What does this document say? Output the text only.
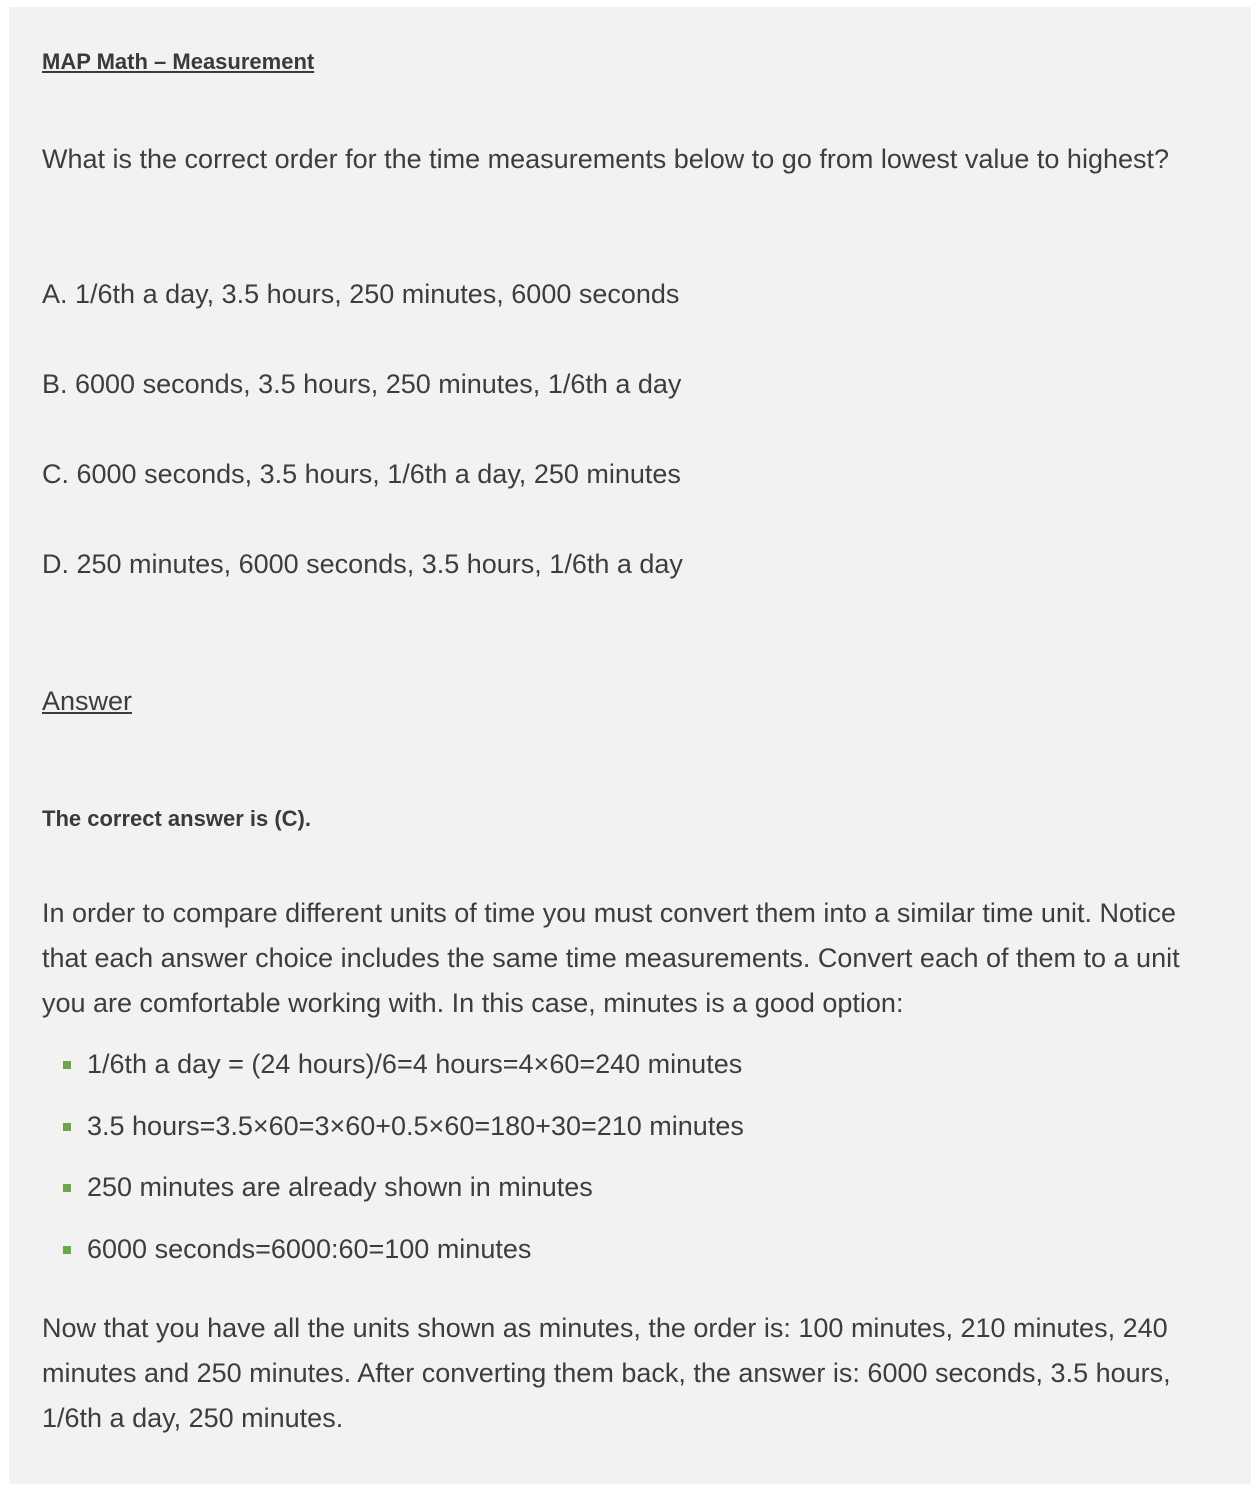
MAP Math – Measurement
What is the correct order for the time measurements below to go from lowest value to highest?
A. 1/6th a day, 3.5 hours, 250 minutes, 6000 seconds
B. 6000 seconds, 3.5 hours, 250 minutes, 1/6th a day
C. 6000 seconds, 3.5 hours, 1/6th a day, 250 minutes
D. 250 minutes, 6000 seconds, 3.5 hours, 1/6th a day
Answer
The correct answer is (C).
In order to compare different units of time you must convert them into a similar time unit. Notice that each answer choice includes the same time measurements. Convert each of them to a unit you are comfortable working with. In this case, minutes is a good option:
1/6th a day = (24 hours)/6=4 hours=4×60=240 minutes
3.5 hours=3.5×60=3×60+0.5×60=180+30=210 minutes
250 minutes are already shown in minutes
6000 seconds=6000:60=100 minutes
Now that you have all the units shown as minutes, the order is: 100 minutes, 210 minutes, 240 minutes and 250 minutes. After converting them back, the answer is: 6000 seconds, 3.5 hours, 1/6th a day, 250 minutes.
